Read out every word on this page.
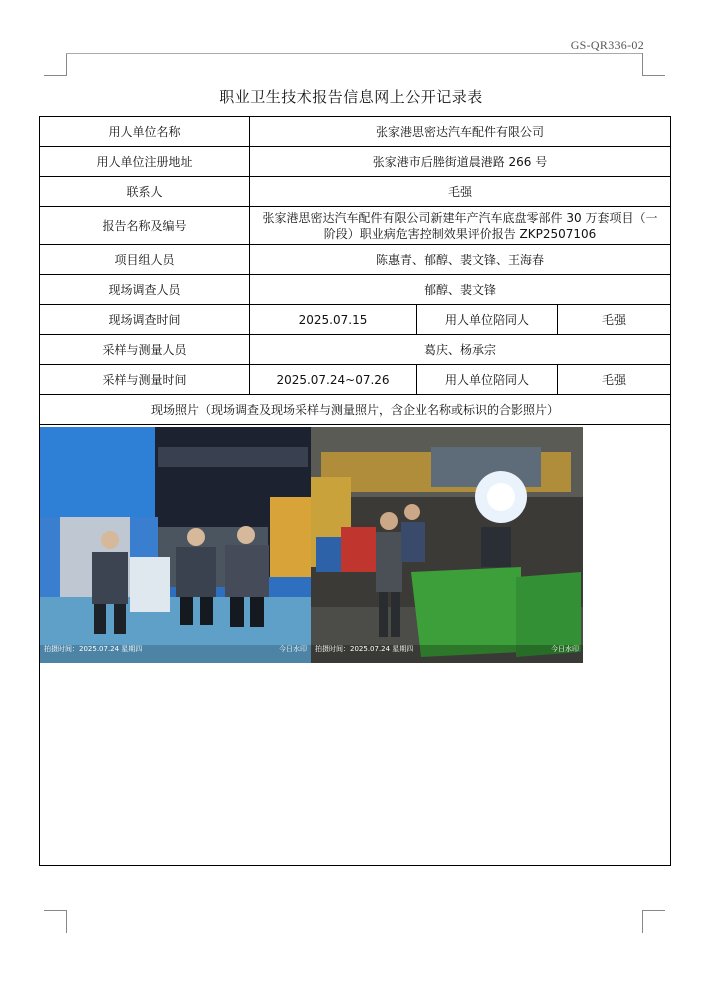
GS-QR336-02
职业卫生技术报告信息网上公开记录表
用人单位名称	张家港思密达汽车配件有限公司		
用人单位注册地址	张家港市后塍街道晨港路 266 号		
联系人	毛强		
报告名称及编号	张家港思密达汽车配件有限公司新建年产汽车底盘零部件 30 万套项目（一
阶段）职业病危害控制效果评价报告 ZKP2507106		

项目组人员	陈惠青、郁醇、裴文锋、王海春		
现场调查人员	郁醇、裴文锋		
现场调查时间	2025.07.15	用人单位陪同人	毛强
采样与测量人员	葛庆、杨承宗		
采样与测量时间	2025.07.24~07.26	用人单位陪同人	毛强
现场照片（现场调查及现场采样与测量照片，含企业名称或标识的合影照片）			

拍摄时间：2025.07.24 星期四 今日水印 拍摄时间：2025.07.24 星期四 今日水印			
